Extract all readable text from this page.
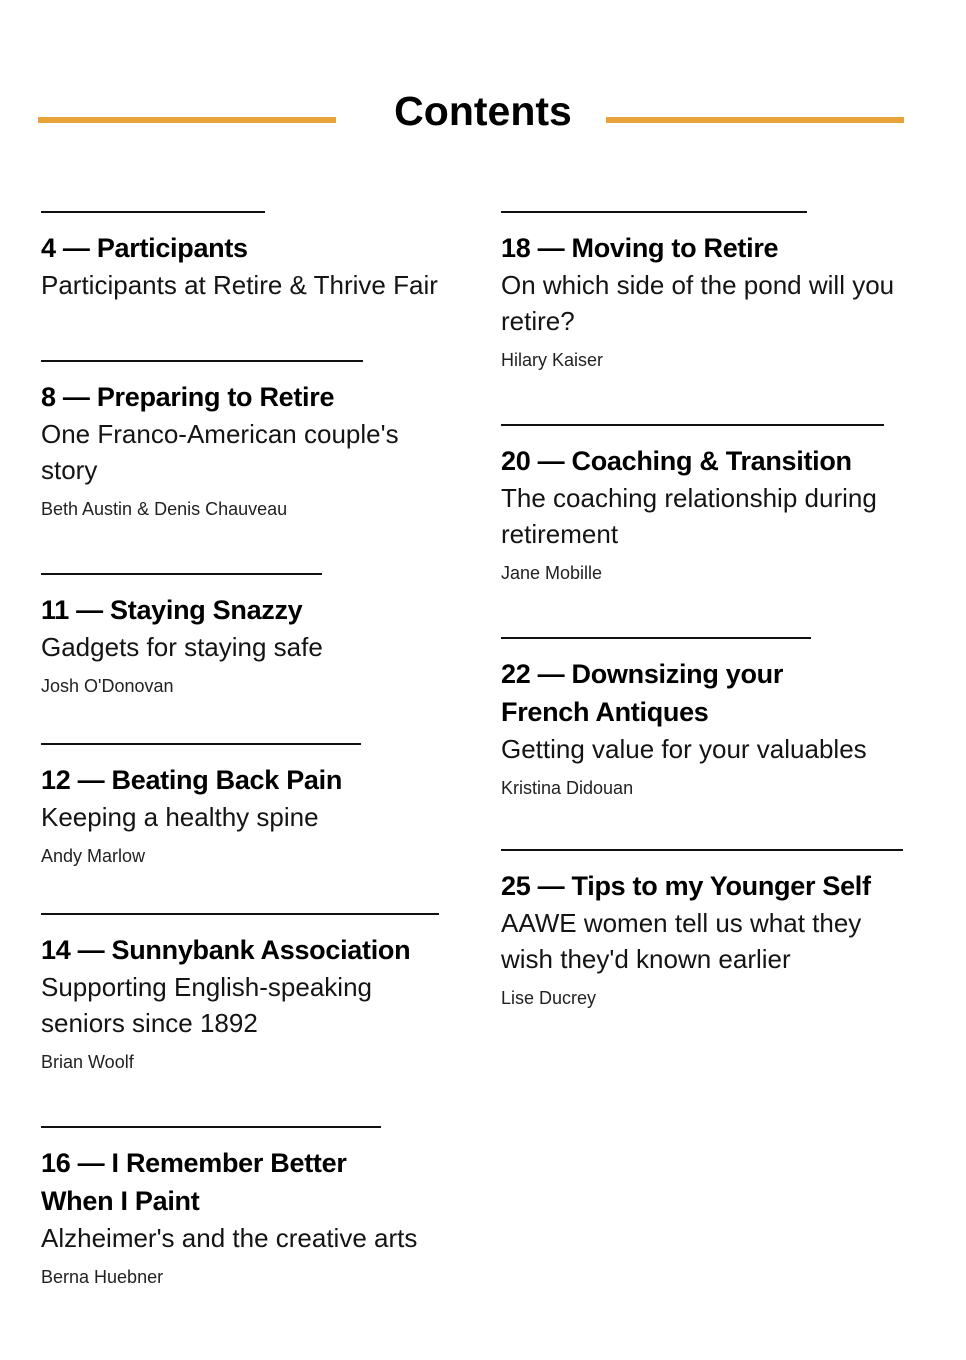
Contents

4 — Participants

Participants at Retire & Thrive Fair

8 — Preparing to Retire

One Franco-American couple's story

Beth Austin & Denis Chauveau

11 — Staying Snazzy

Gadgets for staying safe

Josh O'Donovan

12 — Beating Back Pain

Keeping a healthy spine

Andy Marlow

14 — Sunnybank Association

Supporting English-speaking seniors since 1892

Brian Woolf

16 — I Remember Better When I Paint

Alzheimer's and the creative arts

Berna Huebner

18 — Moving to Retire

On which side of the pond will you retire?

Hilary Kaiser

20 — Coaching & Transition

The coaching relationship during retirement

Jane Mobille

22 — Downsizing your French Antiques

Getting value for your valuables

Kristina Didouan

25 — Tips to my Younger Self

AAWE women tell us what they wish they'd known earlier

Lise Ducrey
